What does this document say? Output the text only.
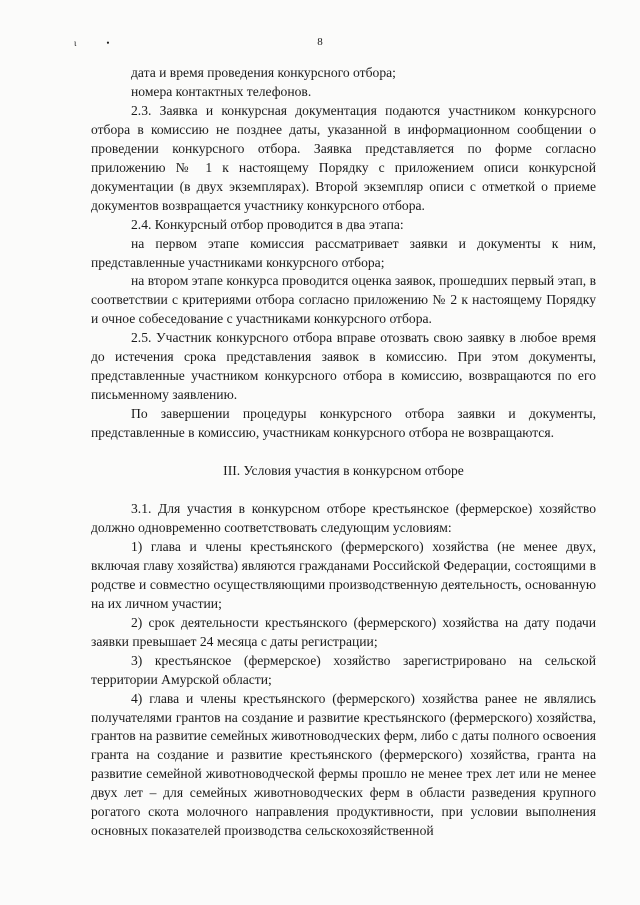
ι•	8

дата и время проведения конкурсного отбора;

номера контактных телефонов.

2.3. Заявка и конкурсная документация подаются участником конкурсного отбора в комиссию не позднее даты, указанной в информационном сообщении о проведении конкурсного отбора. Заявка представляется по форме согласно приложению № 1 к настоящему Порядку с приложением описи конкурсной документации (в двух экземплярах). Второй экземпляр описи с отметкой о приеме документов возвращается участнику конкурсного отбора.

2.4. Конкурсный отбор проводится в два этапа:

на первом этапе комиссия рассматривает заявки и документы к ним, представленные участниками конкурсного отбора;

на втором этапе конкурса проводится оценка заявок, прошедших первый этап, в соответствии с критериями отбора согласно приложению № 2 к настоящему Порядку и очное собеседование с участниками конкурсного отбора.

2.5. Участник конкурсного отбора вправе отозвать свою заявку в любое время до истечения срока представления заявок в комиссию. При этом документы, представленные участником конкурсного отбора в комиссию, возвращаются по его письменному заявлению.

По завершении процедуры конкурсного отбора заявки и документы, представленные в комиссию, участникам конкурсного отбора не возвращаются.

III. Условия участия в конкурсном отборе

3.1. Для участия в конкурсном отборе крестьянское (фермерское) хозяйство должно одновременно соответствовать следующим условиям:

1) глава и члены крестьянского (фермерского) хозяйства (не менее двух, включая главу хозяйства) являются гражданами Российской Федерации, состоящими в родстве и совместно осуществляющими производственную деятельность, основанную на их личном участии;

2) срок деятельности крестьянского (фермерского) хозяйства на дату подачи заявки превышает 24 месяца с даты регистрации;

3) крестьянское (фермерское) хозяйство зарегистрировано на сельской территории Амурской области;

4) глава и члены крестьянского (фермерского) хозяйства ранее не являлись получателями грантов на создание и развитие крестьянского (фермерского) хозяйства, грантов на развитие семейных животноводческих ферм, либо с даты полного освоения гранта на создание и развитие крестьянского (фермерского) хозяйства, гранта на развитие семейной животноводческой фермы прошло не менее трех лет или не менее двух лет – для семейных животноводческих ферм в области разведения крупного рогатого скота молочного направления продуктивности, при условии выполнения основных показателей производства сельскохозяйственной
